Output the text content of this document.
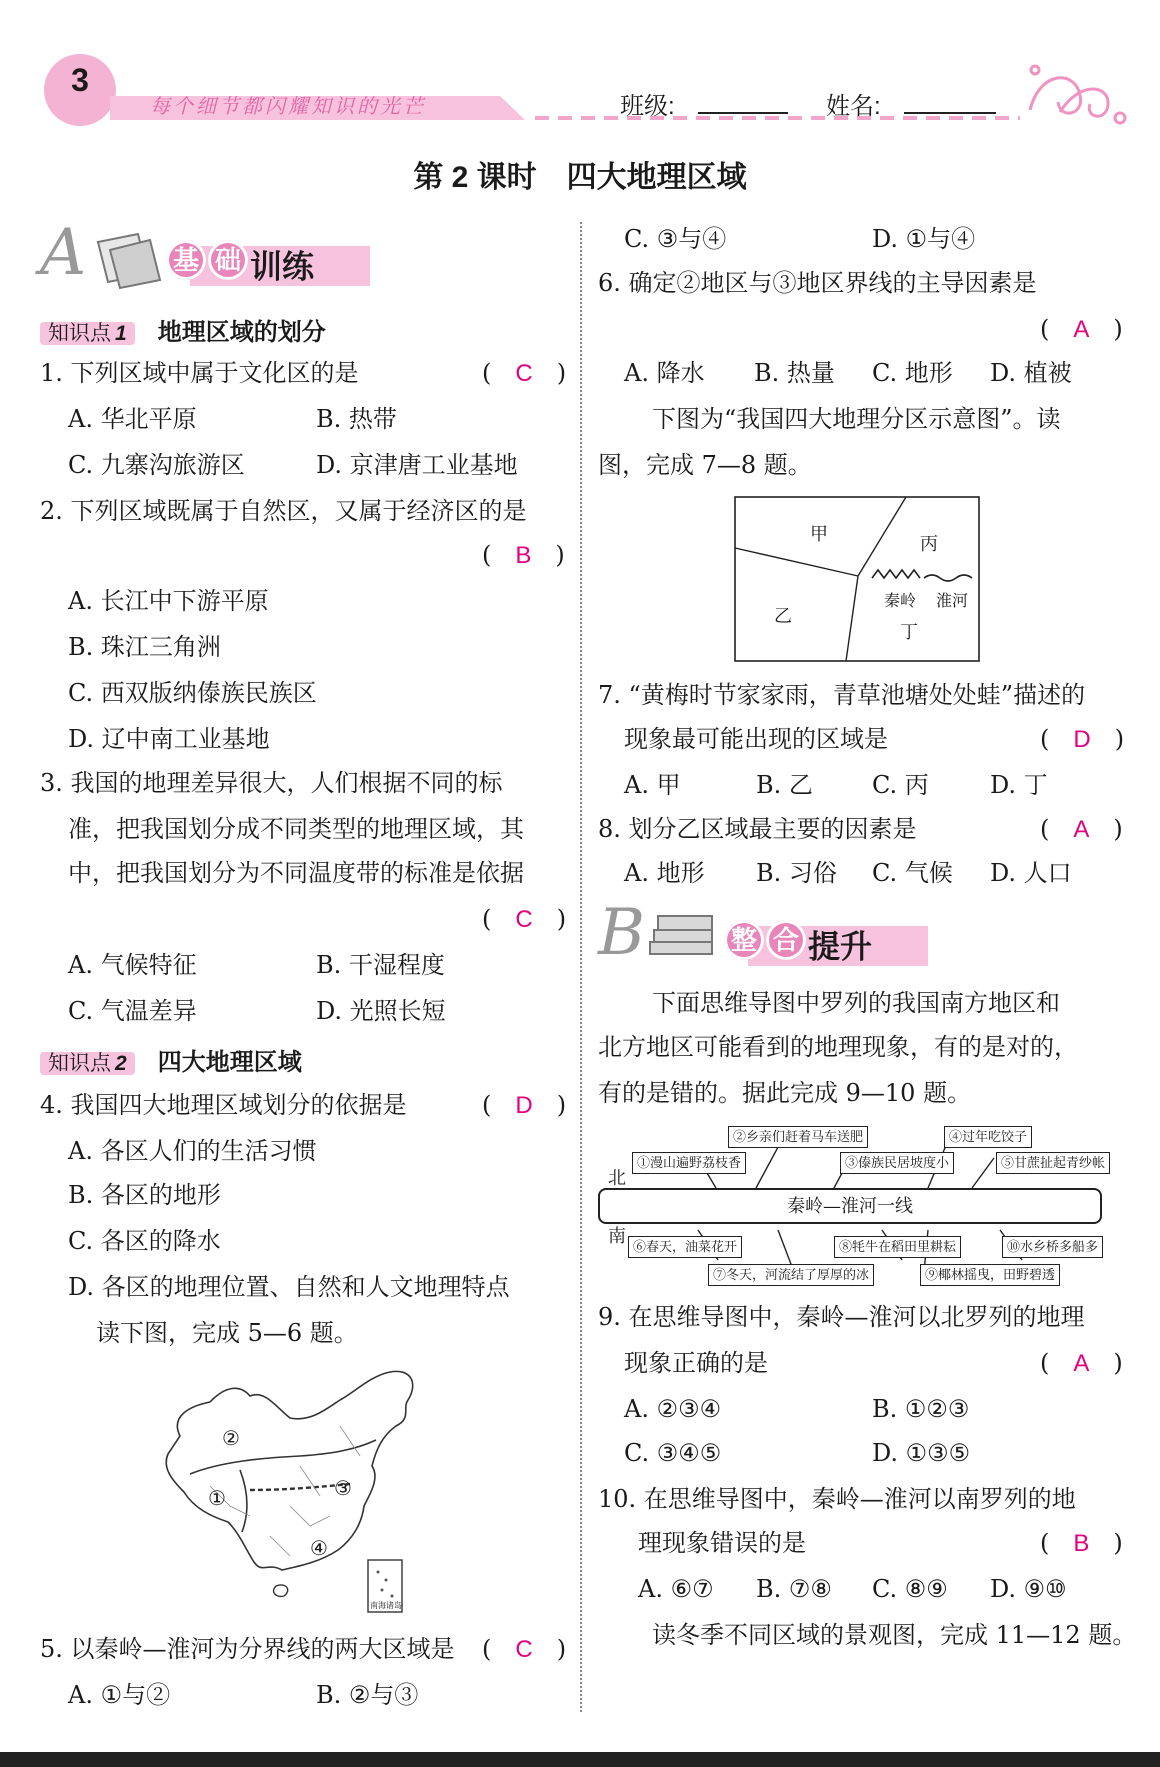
3
每个细节都闪耀知识的光芒	班级:	姓名:
第 2 课时　四大地理区域
A	基 础 训练
知识点 1 地理区域的划分
1. 下列区域中属于文化区的是	(　C　)
A. 华北平原	B. 热带
C. 九寨沟旅游区	D. 京津唐工业基地
2. 下列区域既属于自然区，又属于经济区的是
(　B　)
A. 长江中下游平原
B. 珠江三角洲
C. 西双版纳傣族民族区
D. 辽中南工业基地
3. 我国的地理差异很大，人们根据不同的标
准，把我国划分成不同类型的地理区域，其
中，把我国划分为不同温度带的标准是依据
(　C　)
A. 气候特征	B. 干湿程度
C. 气温差异	D. 光照长短
知识点 2 四大地理区域
4. 我国四大地理区域划分的依据是	(　D　)
A. 各区人们的生活习惯
B. 各区的地形
C. 各区的降水
D. 各区的地理位置、自然和人文地理特点
读下图，完成 5—6 题。
①
②
③
④
南海诸岛
5. 以秦岭—淮河为分界线的两大区域是 (　C　)
A. ①与②	B. ②与③
C. ③与④	D. ①与④
6. 确定②地区与③地区界线的主导因素是
(　A　)
A. 降水 B. 热量 C. 地形 D. 植被
下图为“我国四大地理分区示意图”。读
图，完成 7—8 题。
甲
乙
丙
丁
秦岭 淮河
7. “黄梅时节家家雨，青草池塘处处蛙”描述的
现象最可能出现的区域是	(　D　)
A. 甲	B. 乙 C. 丙	D. 丁
8. 划分乙区域最主要的因素是	(　A　)
A. 地形 B. 习俗 C. 气候 D. 人口
B	整 合 提升
下面思维导图中罗列的我国南方地区和
北方地区可能看到的地理现象，有的是对的，
有的是错的。据此完成 9—10 题。
秦岭—淮河一线
北
南
①漫山遍野荔枝香
②乡亲们赶着马车送肥
③傣族民居坡度小
④过年吃饺子
⑤甘蔗扯起青纱帐
⑥春天，油菜花开
⑦冬天，河流结了厚厚的冰
⑧牦牛在稻田里耕耘
⑨椰林摇曳，田野碧透
⑩水乡桥多船多
9. 在思维导图中，秦岭—淮河以北罗列的地理
现象正确的是	(　A　)
A. ②③④	B. ①②③
C. ③④⑤	D. ①③⑤
10. 在思维导图中，秦岭—淮河以南罗列的地
理现象错误的是	(　B　)
A. ⑥⑦ B. ⑦⑧ C. ⑧⑨ D. ⑨⑩
读冬季不同区域的景观图，完成 11—12 题。
